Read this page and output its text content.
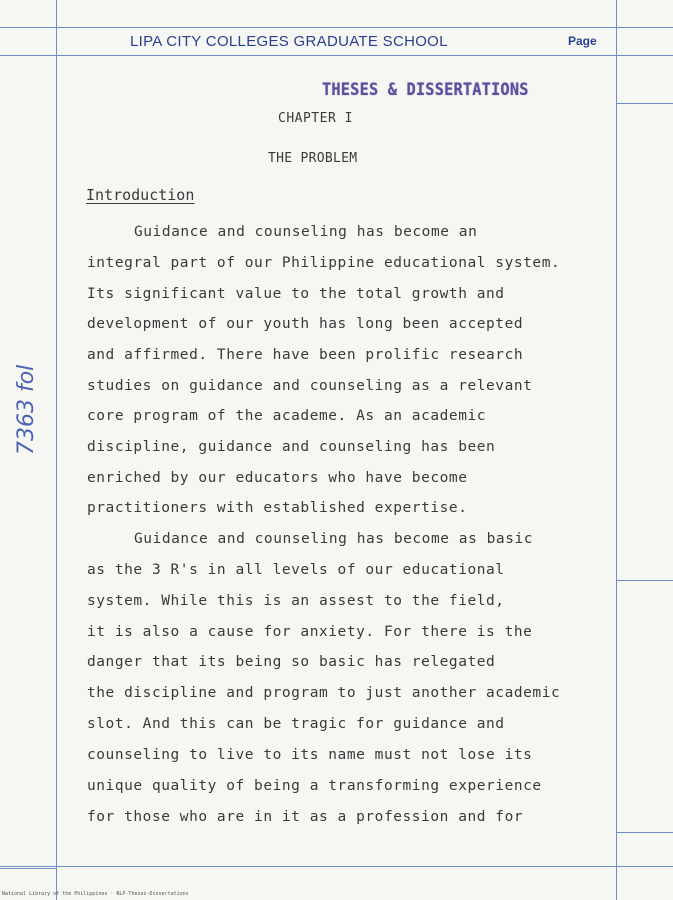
LIPA CITY COLLEGES GRADUATE SCHOOL	Page
THESES & DISSERTATIONS
CHAPTER I
THE PROBLEM
Introduction
Guidance and counseling has become an
integral part of our Philippine educational system.
Its significant value to the total growth and
development of our youth has long been accepted
and affirmed. There have been prolific research
studies on guidance and counseling as a relevant
core program of the academe. As an academic
discipline, guidance and counseling has been
enriched by our educators who have become
practitioners with established expertise.
Guidance and counseling has become as basic
as the 3 R's in all levels of our educational
system. While this is an assest to the field,
it is also a cause for anxiety. For there is the
danger that its being so basic has relegated
the discipline and program to just another academic
slot. And this can be tragic for guidance and
counseling to live to its name must not lose its
unique quality of being a transforming experience
for those who are in it as a profession and for
7363 fol
National Library of the Philippines · NLP-Theses-Dissertations
